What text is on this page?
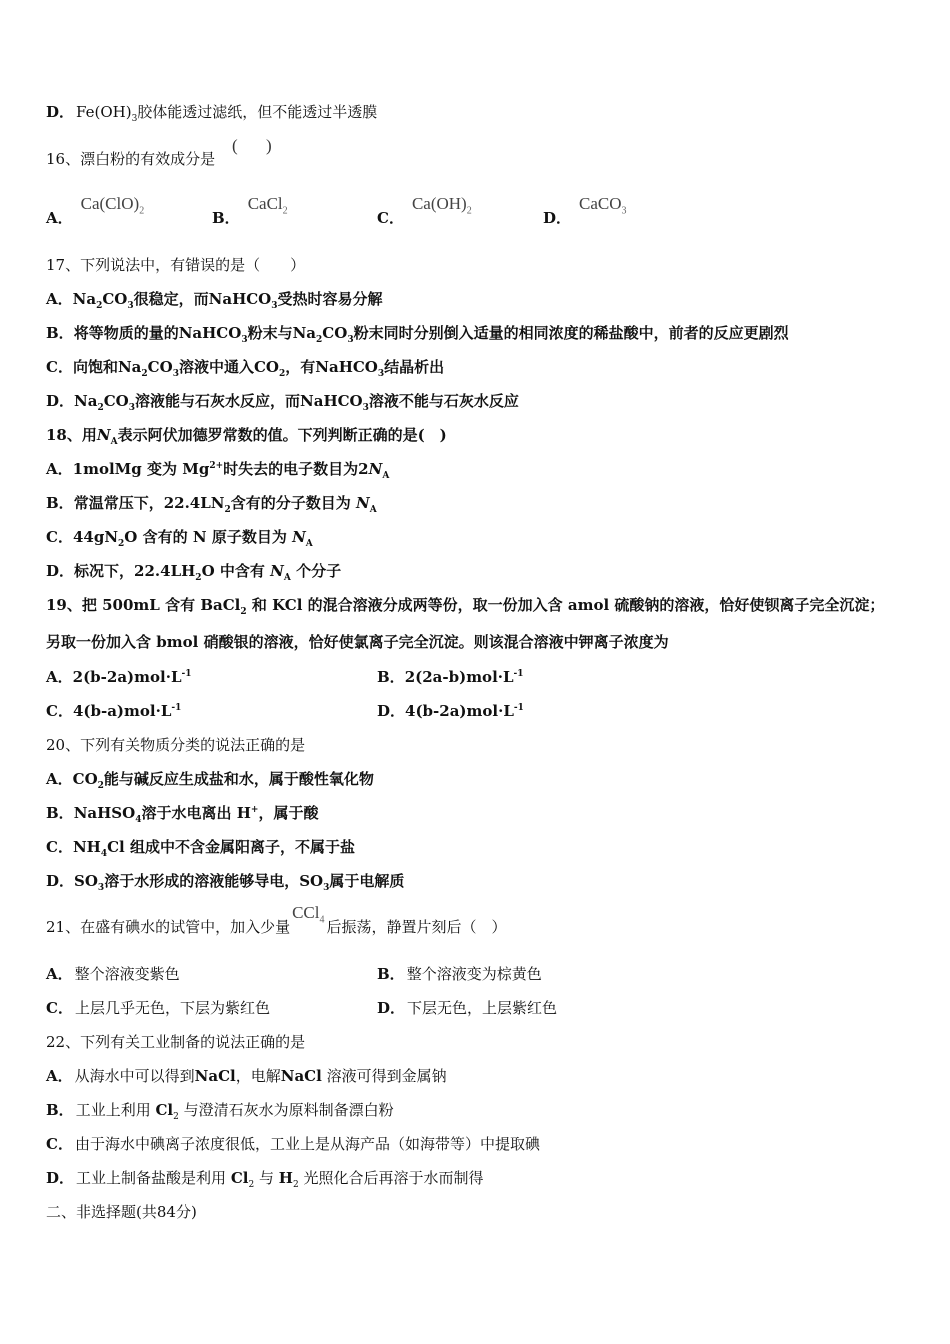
D． $Fe(OH)_3$胶体能透过滤纸，但不能透过半透膜
16、漂白粉的有效成分是
( )
A．$Ca(ClO)_2$	B．CaCl$_2$	C．$Ca(OH)_2$	D．CaCO$_3$
17、下列说法中，有错误的是（　　）
A．$Na_2CO_3$很稳定，而NaHCO$_3$受热时容易分解
B．将等物质的量的NaHCO$_3$粉末与$Na_2CO_3$粉末同时分别倒入适量的相同浓度的稀盐酸中，前者的反应更剧烈
C．向饱和$Na_2CO_3$溶液中通入$CO_2$，有NaHCO$_3$结晶析出
D．$Na_2CO_3$溶液能与石灰水反应，而NaHCO$_3$溶液不能与石灰水反应
18、用$N_A$表示阿伏加德罗常数的值。下列判断正确的是(　)
A．1molMg 变为 $Mg^{2+}$时失去的电子数目为$2N_A$
B．常温常压下，$22.4LN_2$含有的分子数目为 $N_A$
C．$44gN_2O$ 含有的 N 原子数目为 $N_A$
D．标况下，$22.4LH_2O$ 中含有 $N_A$ 个分子
19、把 500mL 含有 BaCl$_2$ 和 KCl 的混合溶液分成两等份，取一份加入含 amol 硫酸钠的溶液，恰好使钡离子完全沉淀；
另取一份加入含 bmol 硝酸银的溶液，恰好使氯离子完全沉淀。则该混合溶液中钾离子浓度为
A．$2(b-2a)mol\cdot L^{-1}$	B．$2(2a-b)mol\cdot L^{-1}$
C．$4(b-a)mol\cdot L^{-1}$	D．$4(b-2a)mol\cdot L^{-1}$
20、下列有关物质分类的说法正确的是
A．$CO_2$能与碱反应生成盐和水，属于酸性氧化物
B．NaHSO$_4$溶于水电离出 H+，属于酸
C．$NH_4Cl$ 组成中不含金属阳离子，不属于盐
D．$SO_3$溶于水形成的溶液能够导电，$SO_3$属于电解质
21、在盛有碘水的试管中，加入少量CCl$_4$ 后振荡，静置片刻后（　）
A． 整个溶液变紫色	B． 整个溶液变为棕黄色
C． 上层几乎无色，下层为紫红色	D． 下层无色，上层紫红色
22、下列有关工业制备的说法正确的是
A． 从海水中可以得到NaCl，电解NaCl 溶液可得到金属钠
B． 工业上利用 $Cl_2$ 与澄清石灰水为原料制备漂白粉
C． 由于海水中碘离子浓度很低，工业上是从海产品（如海带等）中提取碘
D． 工业上制备盐酸是利用 $Cl_2$ 与 $H_2$ 光照化合后再溶于水而制得
二、非选择题(共84分)
